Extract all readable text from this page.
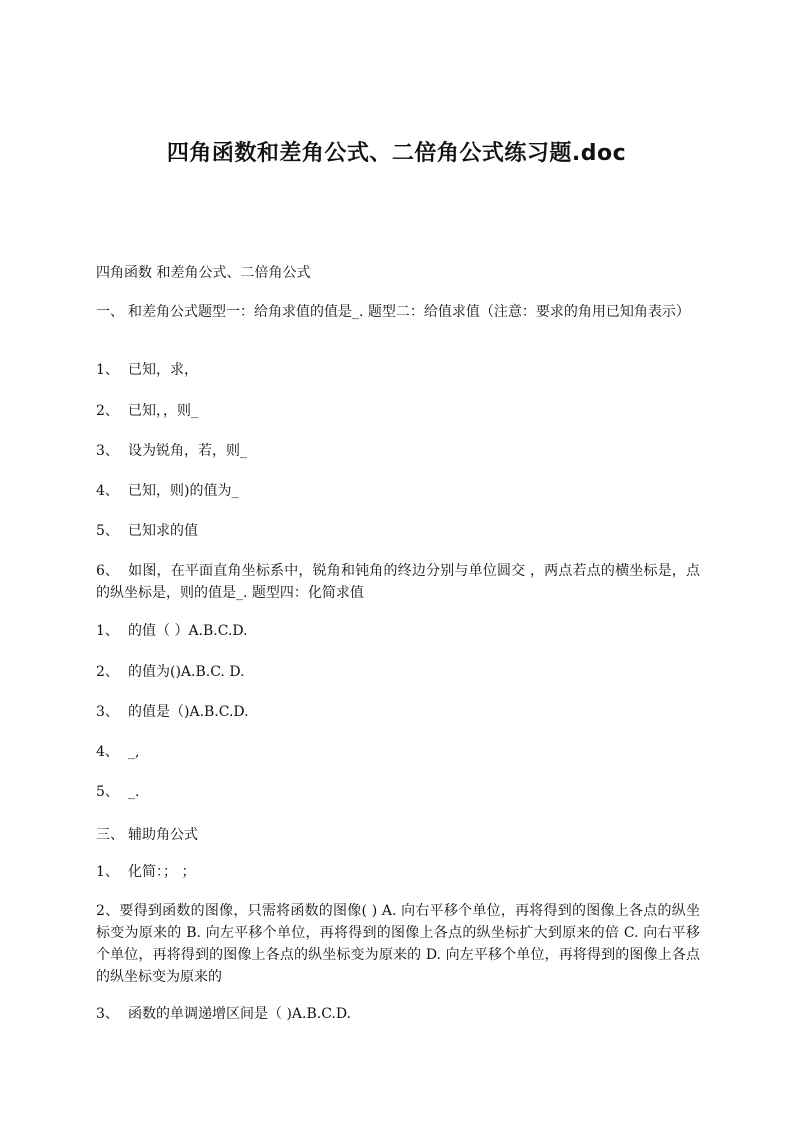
四角函数和差角公式、二倍角公式练习题.doc
四角函数 和差角公式、二倍角公式
一、 和差角公式题型一：给角求值的值是_. 题型二：给值求值（注意：要求的角用已知角表示）
1、 已知，求，
2、 已知，，则_
3、 设为锐角，若，则_
4、 已知，则)的值为_
5、 已知求的值
6、 如图，在平面直角坐标系中，锐角和钝角的终边分别与单位圆交 ，两点若点的横坐标是，点的纵坐标是，则的值是_. 题型四：化简求值
1、 的值（ ）A.B.C.D.
2、 的值为()A.B.C. D.
3、 的值是（)A.B.C.D.
4、 _,
5、 _.
三、 辅助角公式
1、 化简：； ；
2、要得到函数的图像，只需将函数的图像( ) A. 向右平移个单位，再将得到的图像上各点的纵坐标变为原来的 B. 向左平移个单位，再将得到的图像上各点的纵坐标扩大到原来的倍 C. 向右平移个单位，再将得到的图像上各点的纵坐标变为原来的 D. 向左平移个单位，再将得到的图像上各点的纵坐标变为原来的
3、 函数的单调递增区间是（ )A.B.C.D.
